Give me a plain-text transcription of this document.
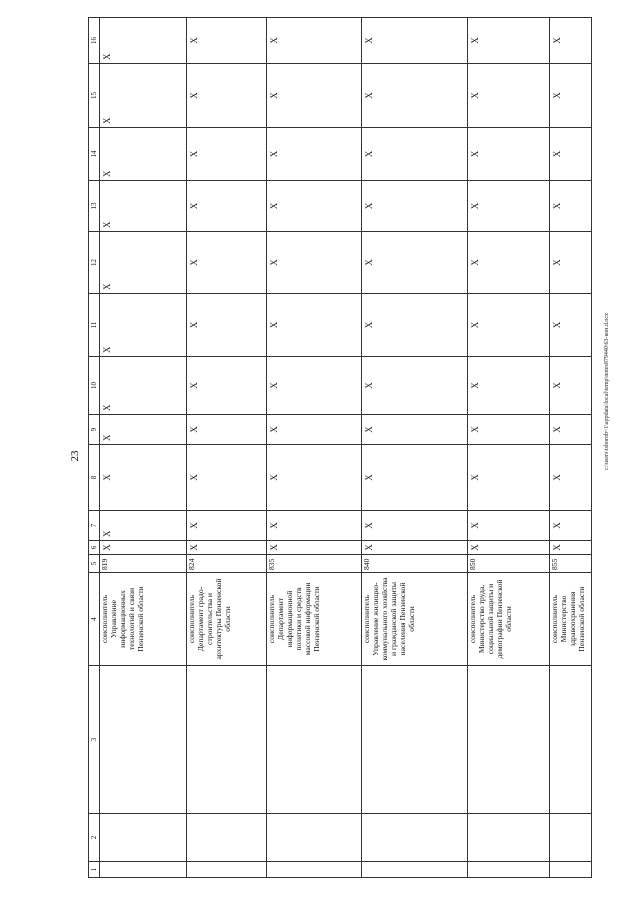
23	c:\users\tsborob~1\appdata\local\temp\notes879440\63-кон.d.ocx
1	2	3	4	5	6	7	8	9	10	11	12	13	14	15	16
			соисполнитель Управление информационных технологий и связи Пензенской области	819	X	X	X	X	X	X	X	X	X	X	X
			соисполнитель Департамент градо-строительства и архитектуры Пензенской области	824	X	X	X	X	X	X	X	X	X	X	X
			соисполнитель Департамент информационной политики и средств массовой информации Пензенской области	835	X	X	X	X	X	X	X	X	X	X	X
			соисполнитель Управление жилищно-коммунального хозяйства и гражданской защиты населения Пензенской области	840	X	X	X	X	X	X	X	X	X	X	X
			соисполнитель Министерство труда, социальной защиты и демографии Пензенской области	850	X	X	X	X	X	X	X	X	X	X	X
			соисполнитель Министерство здравоохранения Пензенской области	855	X	X	X	X	X	X	X	X	X	X	X
